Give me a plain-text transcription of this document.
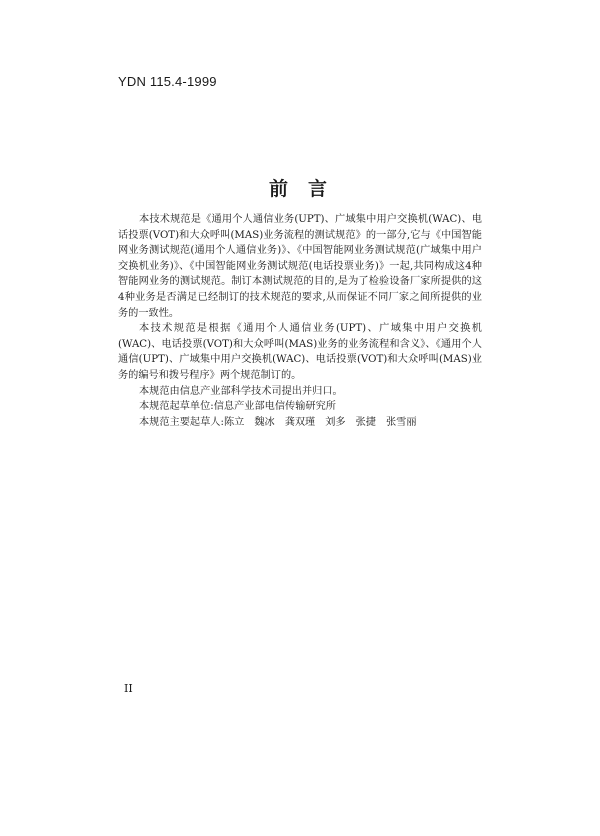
YDN 115.4-1999
前言

本技术规范是《通用个人通信业务(UPT)、广域集中用户交换机(WAC)、电话投票(VOT)和大众呼叫(MAS)业务流程的测试规范》的一部分,它与《中国智能网业务测试规范(通用个人通信业务)》、《中国智能网业务测试规范(广域集中用户交换机业务)》、《中国智能网业务测试规范(电话投票业务)》一起,共同构成这4种智能网业务的测试规范。制订本测试规范的目的,是为了检验设备厂家所提供的这4种业务是否满足已经制订的技术规范的要求,从而保证不同厂家之间所提供的业务的一致性。

本技术规范是根据《通用个人通信业务(UPT)、广域集中用户交换机(WAC)、电话投票(VOT)和大众呼叫(MAS)业务的业务流程和含义》、《通用个人通信(UPT)、广域集中用户交换机(WAC)、电话投票(VOT)和大众呼叫(MAS)业务的编号和拨号程序》两个规范制订的。

本规范由信息产业部科学技术司提出并归口。

本规范起草单位:信息产业部电信传输研究所

本规范主要起草人:陈立 魏冰 龚双瑾 刘多 张捷 张雪丽

II
